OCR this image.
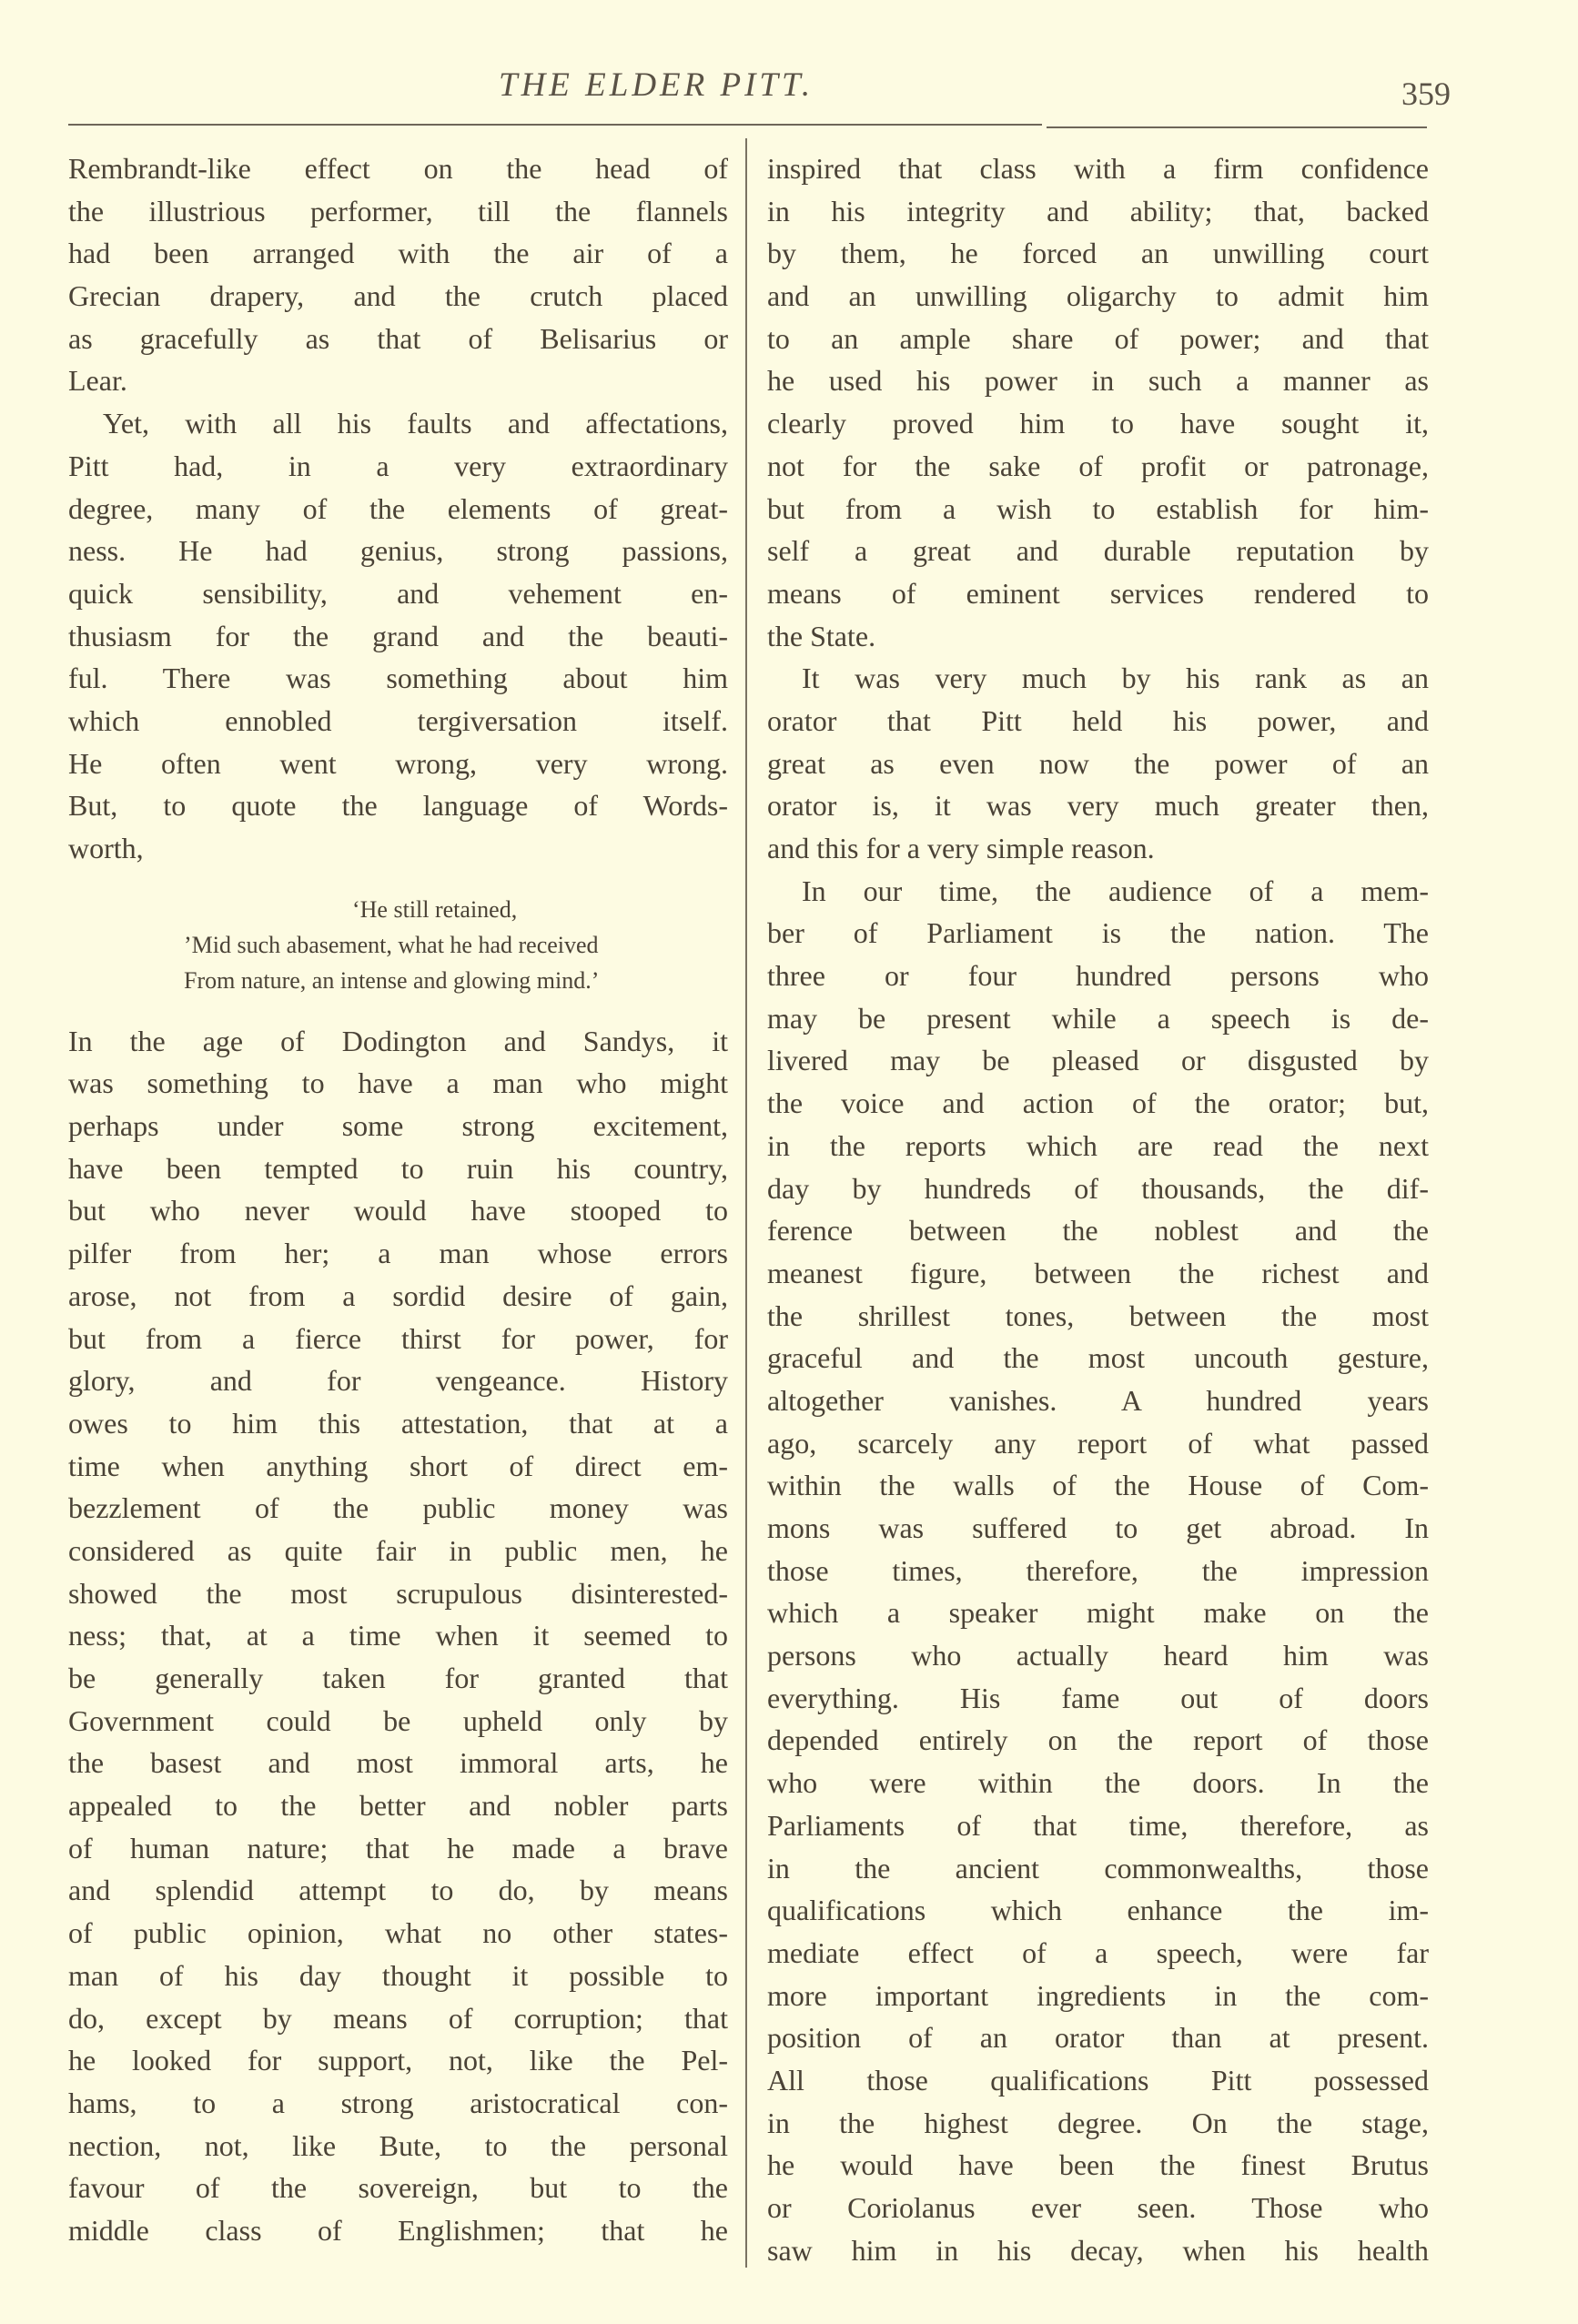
THE ELDER PITT.	359
Rembrandt-like effect on the head of
the illustrious performer, till the flannels
had been arranged with the air of a
Grecian drapery, and the crutch placed
as gracefully as that of Belisarius or
Lear.
Yet, with all his faults and affectations,
Pitt had, in a very extraordinary
degree, many of the elements of great-
ness. He had genius, strong passions,
quick sensibility, and vehement en-
thusiasm for the grand and the beauti-
ful. There was something about him
which ennobled tergiversation itself.
He often went wrong, very wrong.
But, to quote the language of Words-
worth,
‘He still retained,
’Mid such abasement, what he had received
From nature, an intense and glowing mind.’
In the age of Dodington and Sandys, it
was something to have a man who might
perhaps under some strong excitement,
have been tempted to ruin his country,
but who never would have stooped to
pilfer from her; a man whose errors
arose, not from a sordid desire of gain,
but from a fierce thirst for power, for
glory, and for vengeance. History
owes to him this attestation, that at a
time when anything short of direct em-
bezzlement of the public money was
considered as quite fair in public men, he
showed the most scrupulous disinterested-
ness; that, at a time when it seemed to
be generally taken for granted that
Government could be upheld only by
the basest and most immoral arts, he
appealed to the better and nobler parts
of human nature; that he made a brave
and splendid attempt to do, by means
of public opinion, what no other states-
man of his day thought it possible to
do, except by means of corruption; that
he looked for support, not, like the Pel-
hams, to a strong aristocratical con-
nection, not, like Bute, to the personal
favour of the sovereign, but to the
middle class of Englishmen; that he
inspired that class with a firm confidence
in his integrity and ability; that, backed
by them, he forced an unwilling court
and an unwilling oligarchy to admit him
to an ample share of power; and that
he used his power in such a manner as
clearly proved him to have sought it,
not for the sake of profit or patronage,
but from a wish to establish for him-
self a great and durable reputation by
means of eminent services rendered to
the State.
It was very much by his rank as an
orator that Pitt held his power, and
great as even now the power of an
orator is, it was very much greater then,
and this for a very simple reason.
In our time, the audience of a mem-
ber of Parliament is the nation. The
three or four hundred persons who
may be present while a speech is de-
livered may be pleased or disgusted by
the voice and action of the orator; but,
in the reports which are read the next
day by hundreds of thousands, the dif-
ference between the noblest and the
meanest figure, between the richest and
the shrillest tones, between the most
graceful and the most uncouth gesture,
altogether vanishes. A hundred years
ago, scarcely any report of what passed
within the walls of the House of Com-
mons was suffered to get abroad. In
those times, therefore, the impression
which a speaker might make on the
persons who actually heard him was
everything. His fame out of doors
depended entirely on the report of those
who were within the doors. In the
Parliaments of that time, therefore, as
in the ancient commonwealths, those
qualifications which enhance the im-
mediate effect of a speech, were far
more important ingredients in the com-
position of an orator than at present.
All those qualifications Pitt possessed
in the highest degree. On the stage,
he would have been the finest Brutus
or Coriolanus ever seen. Those who
saw him in his decay, when his health
